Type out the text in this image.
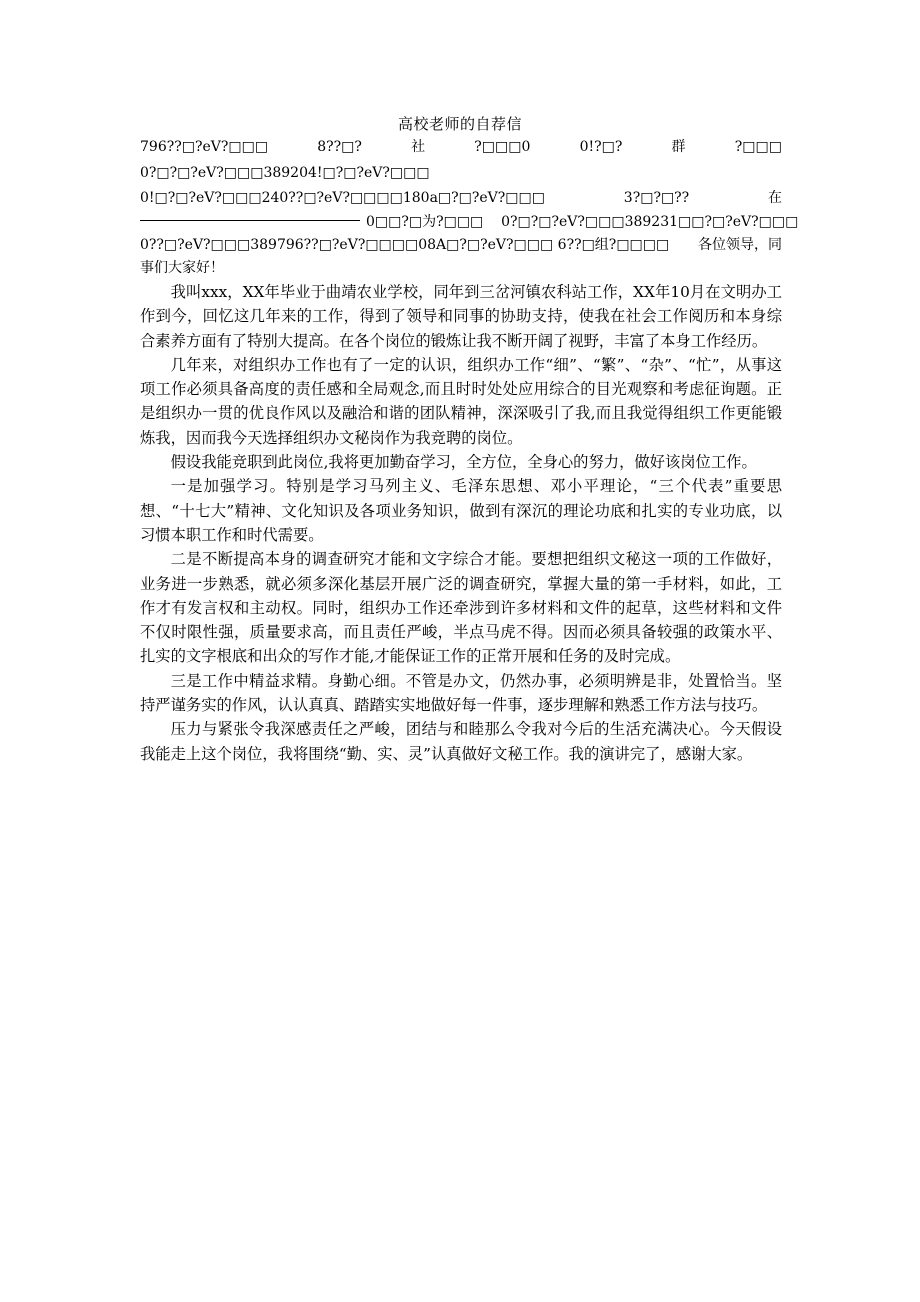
高校老师的自荐信
796??□?eV?□□□	8??□?	社	?□□□0	0!?□?	群	?□□□
0?□?□?eV?□□□389204!□?□?eV?□□□
0!□?□?eV?□□□240??□?eV?□□□□180a□?□?eV?□□□	3?□?□??	在
0□□?□为?□□□ 0?□?□?eV?□□□389231□□?□?eV?□□□
0??□?eV?□□□389796??□?eV?□□□□08A□?□?eV?□□□ 6??□组?□□□□ 各位领导，同
事们大家好！

我叫xxx，XX年毕业于曲靖农业学校，同年到三岔河镇农科站工作，XX年10月在文明办工作到今，回忆这几年来的工作，得到了领导和同事的协助支持，使我在社会工作阅历和本身综合素养方面有了特别大提高。在各个岗位的锻炼让我不断开阔了视野，丰富了本身工作经历。

几年来，对组织办工作也有了一定的认识，组织办工作“细”、“繁”、“杂”、“忙”，从事这项工作必须具备高度的责任感和全局观念,而且时时处处应用综合的目光观察和考虑征询题。正是组织办一贯的优良作风以及融洽和谐的团队精神，深深吸引了我,而且我觉得组织工作更能锻炼我，因而我今天选择组织办文秘岗作为我竞聘的岗位。

假设我能竞职到此岗位,我将更加勤奋学习，全方位，全身心的努力，做好该岗位工作。

一是加强学习。特别是学习马列主义、毛泽东思想、邓小平理论，“三个代表”重要思想、“十七大”精神、文化知识及各项业务知识，做到有深沉的理论功底和扎实的专业功底，以习惯本职工作和时代需要。

二是不断提高本身的调查研究才能和文字综合才能。要想把组织文秘这一项的工作做好，业务进一步熟悉，就必须多深化基层开展广泛的调查研究，掌握大量的第一手材料，如此，工作才有发言权和主动权。同时，组织办工作还牵涉到许多材料和文件的起草，这些材料和文件不仅时限性强，质量要求高，而且责任严峻，半点马虎不得。因而必须具备较强的政策水平、扎实的文字根底和出众的写作才能,才能保证工作的正常开展和任务的及时完成。

三是工作中精益求精。身勤心细。不管是办文，仍然办事，必须明辨是非，处置恰当。坚持严谨务实的作风，认认真真、踏踏实实地做好每一件事，逐步理解和熟悉工作方法与技巧。

压力与紧张令我深感责任之严峻，团结与和睦那么令我对今后的生活充满决心。今天假设我能走上这个岗位，我将围绕“勤、实、灵”认真做好文秘工作。我的演讲完了，感谢大家。
